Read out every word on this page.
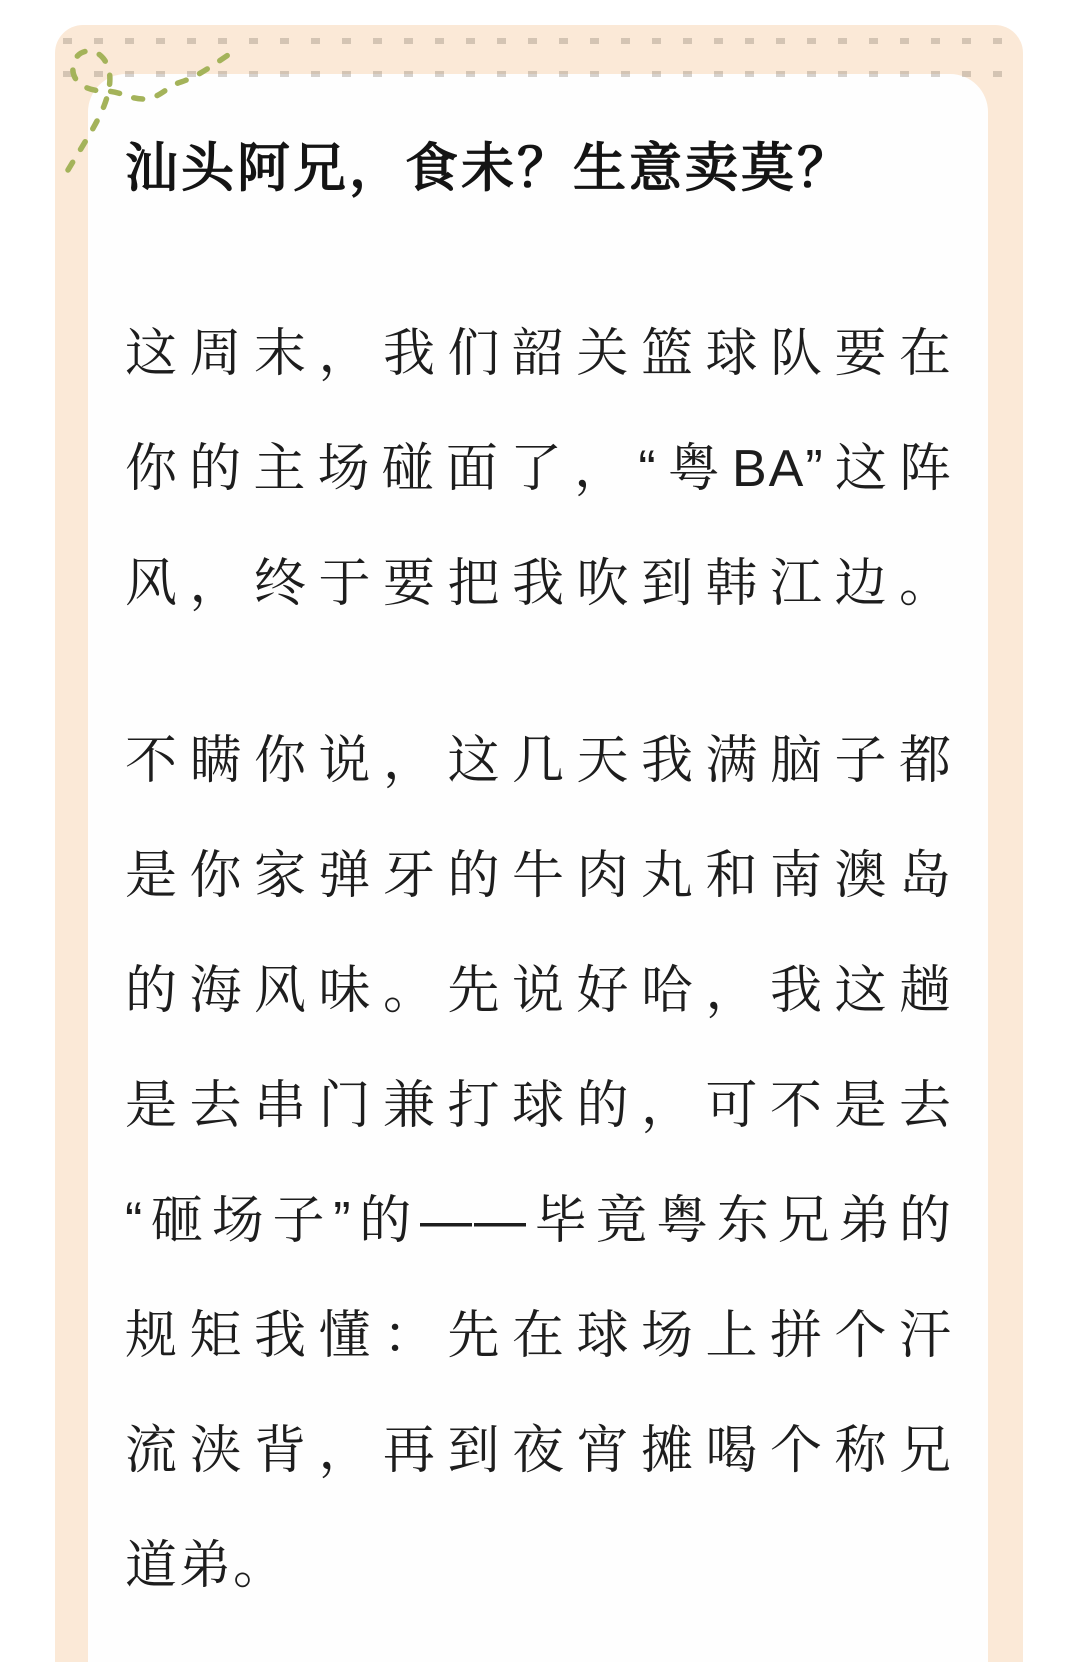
汕头阿兄，食未？生意卖莫？
这周末，我们韶关篮球队要在
你的主场碰面了，“粤BA”这阵
风，终于要把我吹到韩江边。
不瞒你说，这几天我满脑子都
是你家弹牙的牛肉丸和南澳岛
的海风味。先说好哈，我这趟
是去串门兼打球的，可不是去
“砸场子”的——毕竟粤东兄弟的
规矩我懂：先在球场上拼个汗
流浃背，再到夜宵摊喝个称兄
道弟。
